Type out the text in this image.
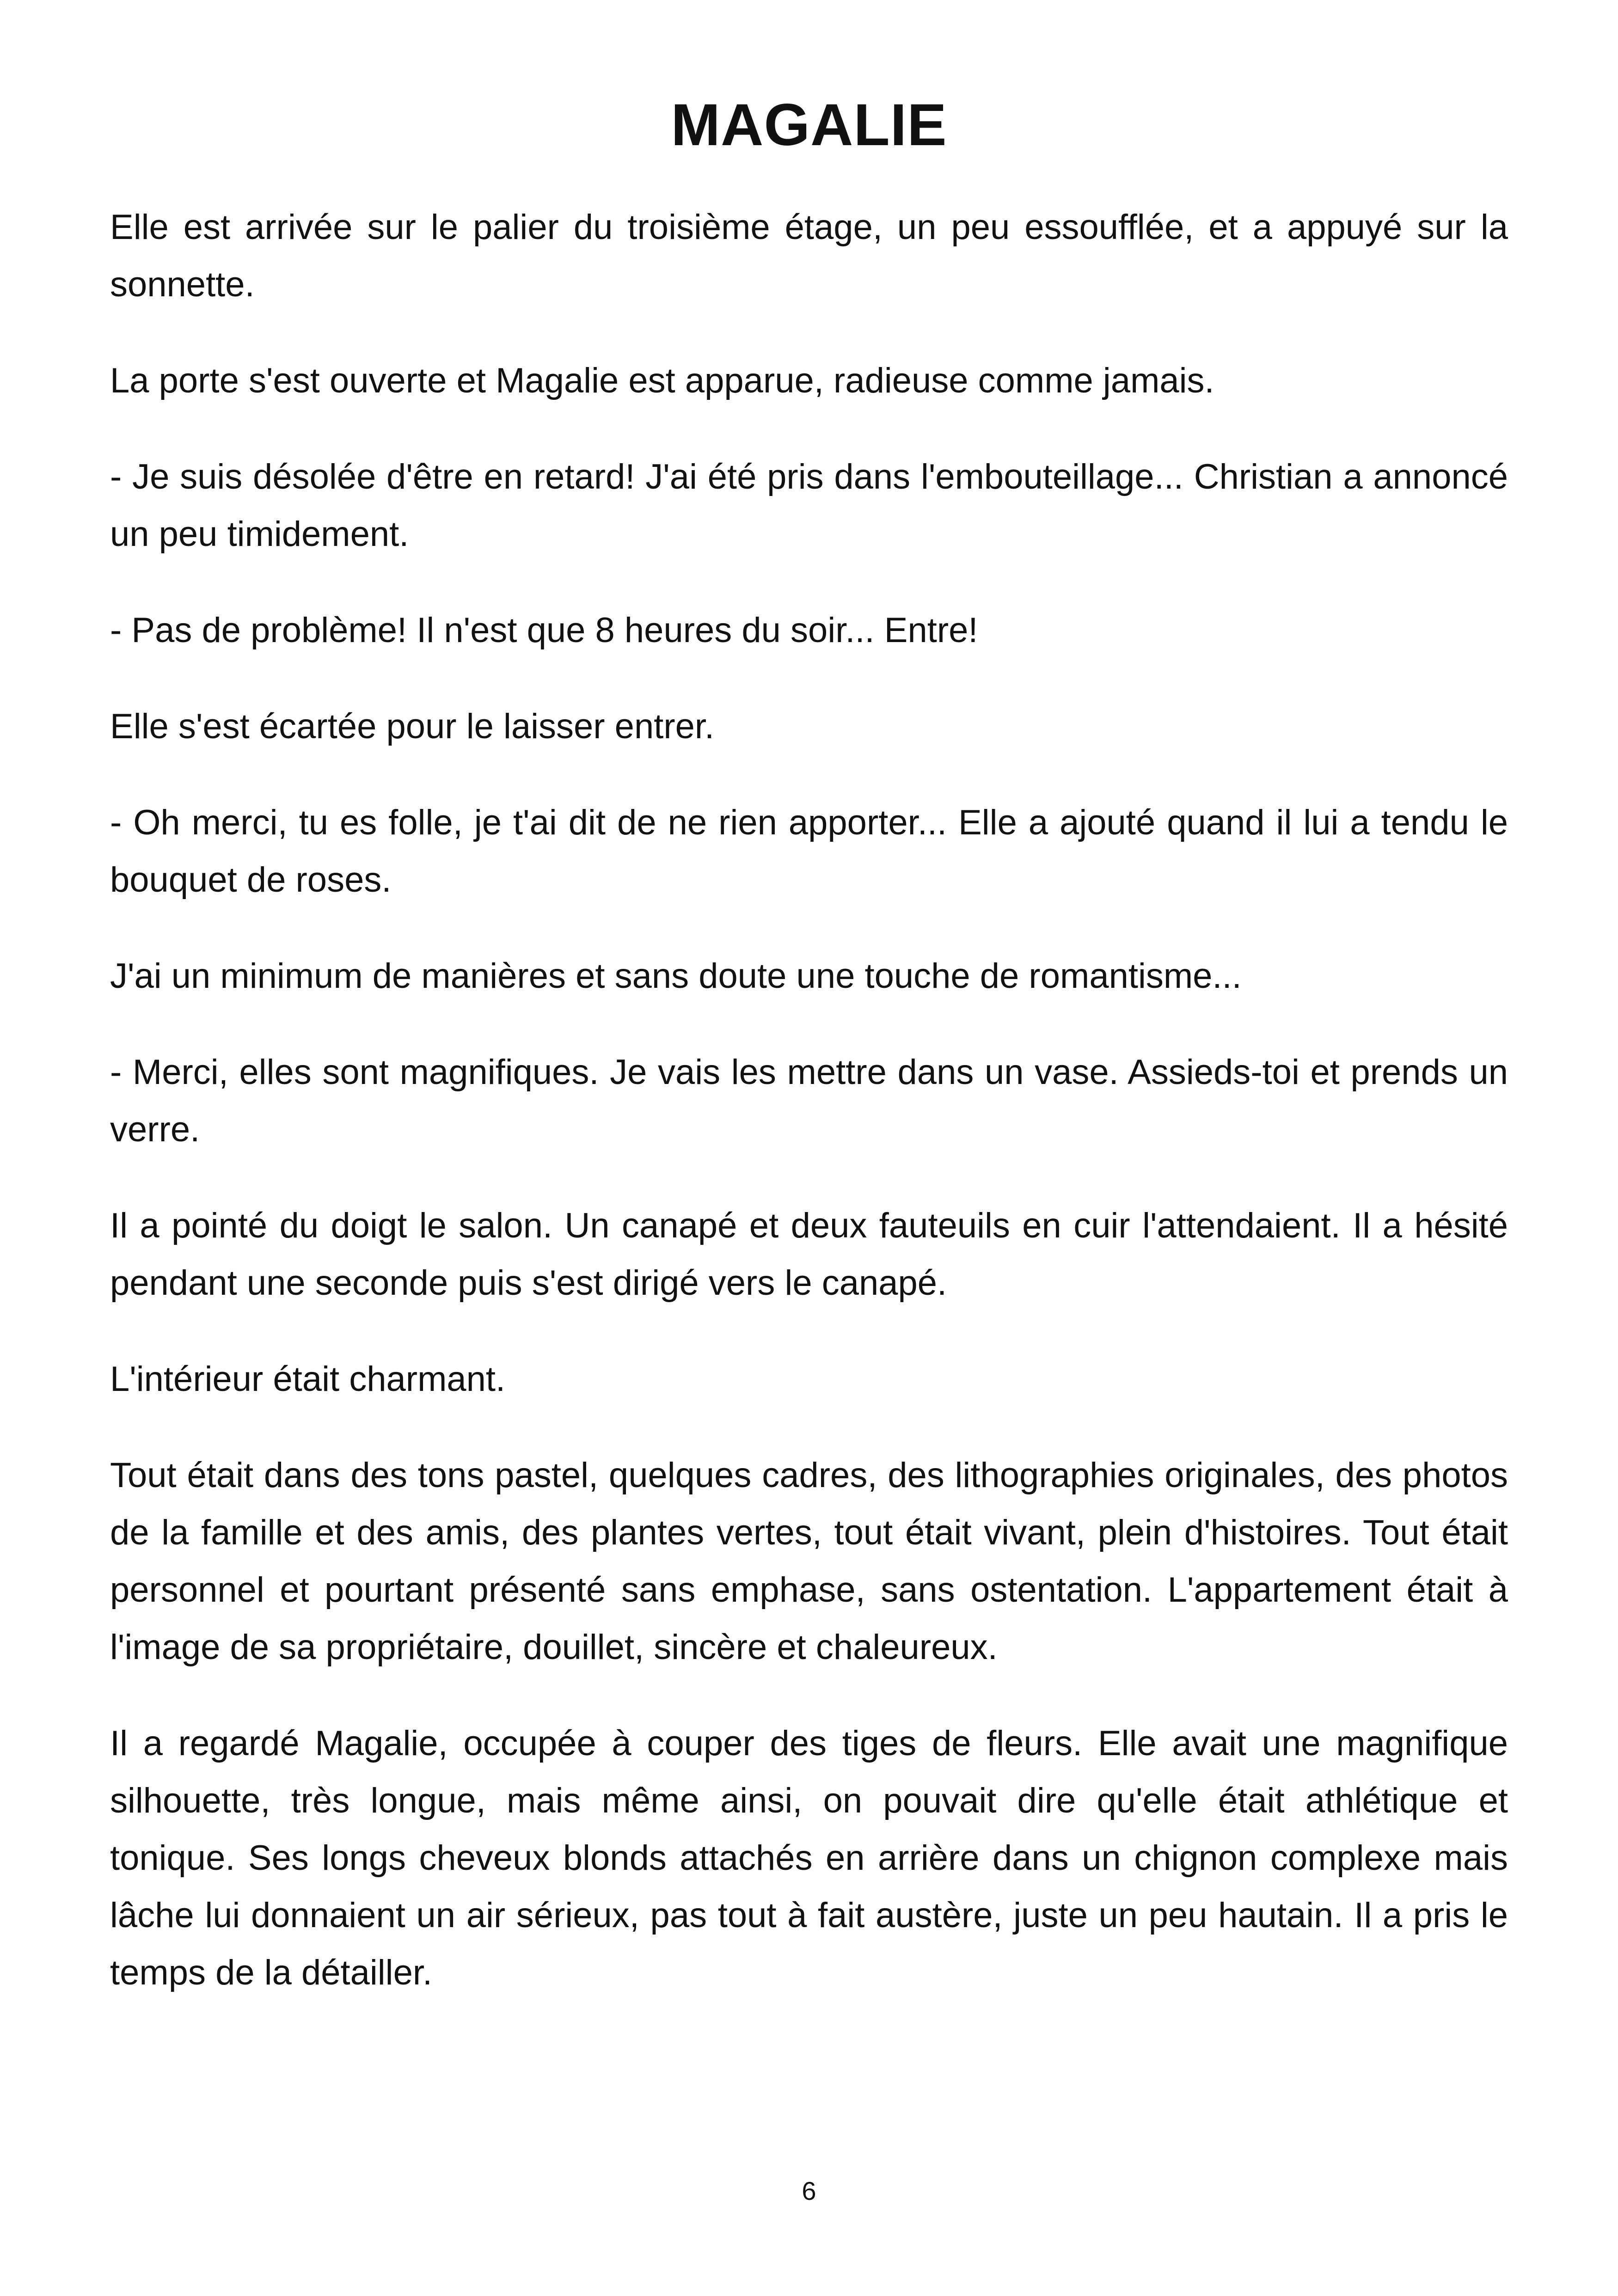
MAGALIE

Elle est arrivée sur le palier du troisième étage, un peu essoufflée, et a appuyé sur la sonnette.

La porte s'est ouverte et Magalie est apparue, radieuse comme jamais.

- Je suis désolée d'être en retard! J'ai été pris dans l'embouteillage... Christian a annoncé un peu timidement.

- Pas de problème! Il n'est que 8 heures du soir... Entre!

Elle s'est écartée pour le laisser entrer.

- Oh merci, tu es folle, je t'ai dit de ne rien apporter... Elle a ajouté quand il lui a tendu le bouquet de roses.

J'ai un minimum de manières et sans doute une touche de romantisme...

- Merci, elles sont magnifiques. Je vais les mettre dans un vase. Assieds-toi et prends un verre.

Il a pointé du doigt le salon. Un canapé et deux fauteuils en cuir l'attendaient. Il a hésité pendant une seconde puis s'est dirigé vers le canapé.

L'intérieur était charmant.

Tout était dans des tons pastel, quelques cadres, des lithographies originales, des photos de la famille et des amis, des plantes vertes, tout était vivant, plein d'histoires. Tout était personnel et pourtant présenté sans emphase, sans ostentation. L'appartement était à l'image de sa propriétaire, douillet, sincère et chaleureux.

Il a regardé Magalie, occupée à couper des tiges de fleurs. Elle avait une magnifique silhouette, très longue, mais même ainsi, on pouvait dire qu'elle était athlétique et tonique. Ses longs cheveux blonds attachés en arrière dans un chignon complexe mais lâche lui donnaient un air sérieux, pas tout à fait austère, juste un peu hautain. Il a pris le temps de la détailler.

6
